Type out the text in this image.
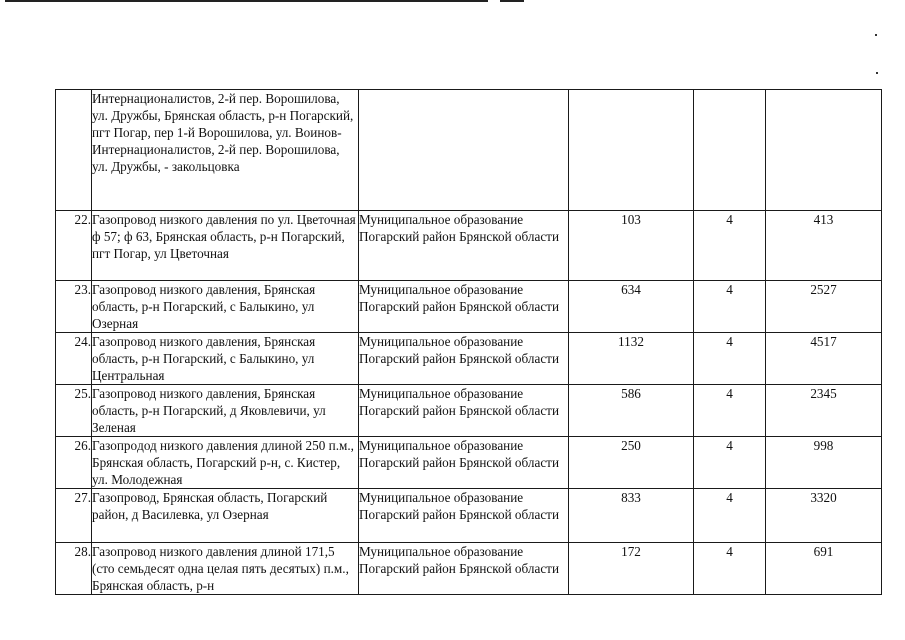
	Интернационалистов, 2-й пер. Ворошилова, ул. Дружбы, Брянская область, р-н Погарский, пгт Погар, пер 1-й Ворошилова, ул. Воинов-Интернационалистов, 2-й пер. Ворошилова, ул. Дружбы, - закольцовка				
22.	Газопровод низкого давления по ул. Цветочная ф 57; ф 63, Брянская область, р-н Погарский, пгт Погар, ул Цветочная	Муниципальное образование Погарский район Брянской области	103	4	413
23.	Газопровод низкого давления, Брянская область, р-н Погарский, с Балыкино, ул Озерная	Муниципальное образование Погарский район Брянской области	634	4	2527
24.	Газопровод низкого давления, Брянская область, р-н Погарский, с Балыкино, ул Центральная	Муниципальное образование Погарский район Брянской области	1132	4	4517
25.	Газопровод низкого давления, Брянская область, р-н Погарский, д Яковлевичи, ул Зеленая	Муниципальное образование Погарский район Брянской области	586	4	2345
26.	Газопрoдод низкого давления длиной 250 п.м., Брянская область, Погарский р-н, с. Кистер, ул. Молодежная	Муниципальное образование Погарский район Брянской области	250	4	998
27.	Газопровод, Брянская область, Погарский район, д Василевка, ул Озерная	Муниципальное образование Погарский район Брянской области	833	4	3320
28.	Газопровод низкого давления длиной 171,5 (сто семьдесят одна целая пять десятых) п.м., Брянская область, р-н	Муниципальное образование Погарский район Брянской области	172	4	691
